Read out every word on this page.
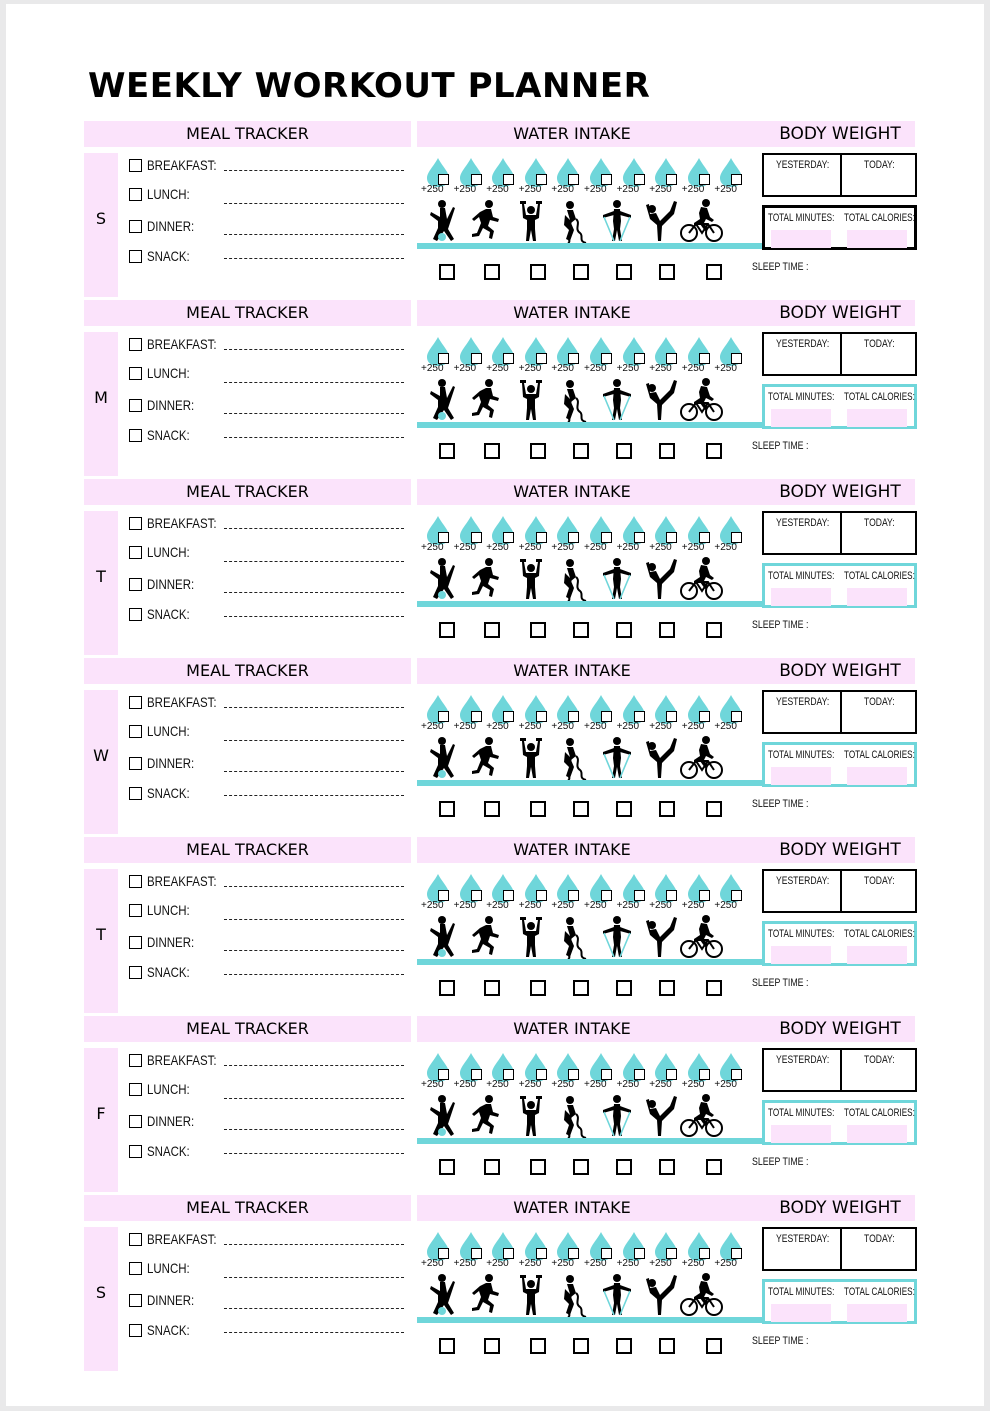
WEEKLY WORKOUT PLANNER
MEAL TRACKER	WATER INTAKE	BODY WEIGHT
S
BREAKFAST:
LUNCH:
DINNER:
SNACK:
+250 +250 +250 +250 +250 +250 +250 +250 +250 +250
SLEEP TIME :
YESTERDAY:	TODAY:
TOTAL MINUTES: TOTAL CALORIES:
MEAL TRACKER	WATER INTAKE	BODY WEIGHT
M
BREAKFAST:
LUNCH:
DINNER:
SNACK:
+250 +250 +250 +250 +250 +250 +250 +250 +250 +250
SLEEP TIME :
YESTERDAY:	TODAY:
TOTAL MINUTES: TOTAL CALORIES:
MEAL TRACKER	WATER INTAKE	BODY WEIGHT
T
BREAKFAST:
LUNCH:
DINNER:
SNACK:
+250 +250 +250 +250 +250 +250 +250 +250 +250 +250
SLEEP TIME :
YESTERDAY:	TODAY:
TOTAL MINUTES: TOTAL CALORIES:
MEAL TRACKER	WATER INTAKE	BODY WEIGHT
W
BREAKFAST:
LUNCH:
DINNER:
SNACK:
+250 +250 +250 +250 +250 +250 +250 +250 +250 +250
SLEEP TIME :
YESTERDAY:	TODAY:
TOTAL MINUTES: TOTAL CALORIES:
MEAL TRACKER	WATER INTAKE	BODY WEIGHT
T
BREAKFAST:
LUNCH:
DINNER:
SNACK:
+250 +250 +250 +250 +250 +250 +250 +250 +250 +250
SLEEP TIME :
YESTERDAY:	TODAY:
TOTAL MINUTES: TOTAL CALORIES:
MEAL TRACKER	WATER INTAKE	BODY WEIGHT
F
BREAKFAST:
LUNCH:
DINNER:
SNACK:
+250 +250 +250 +250 +250 +250 +250 +250 +250 +250
SLEEP TIME :
YESTERDAY:	TODAY:
TOTAL MINUTES: TOTAL CALORIES:
MEAL TRACKER	WATER INTAKE	BODY WEIGHT
S
BREAKFAST:
LUNCH:
DINNER:
SNACK:
+250 +250 +250 +250 +250 +250 +250 +250 +250 +250
SLEEP TIME :
YESTERDAY:	TODAY:
TOTAL MINUTES: TOTAL CALORIES:
